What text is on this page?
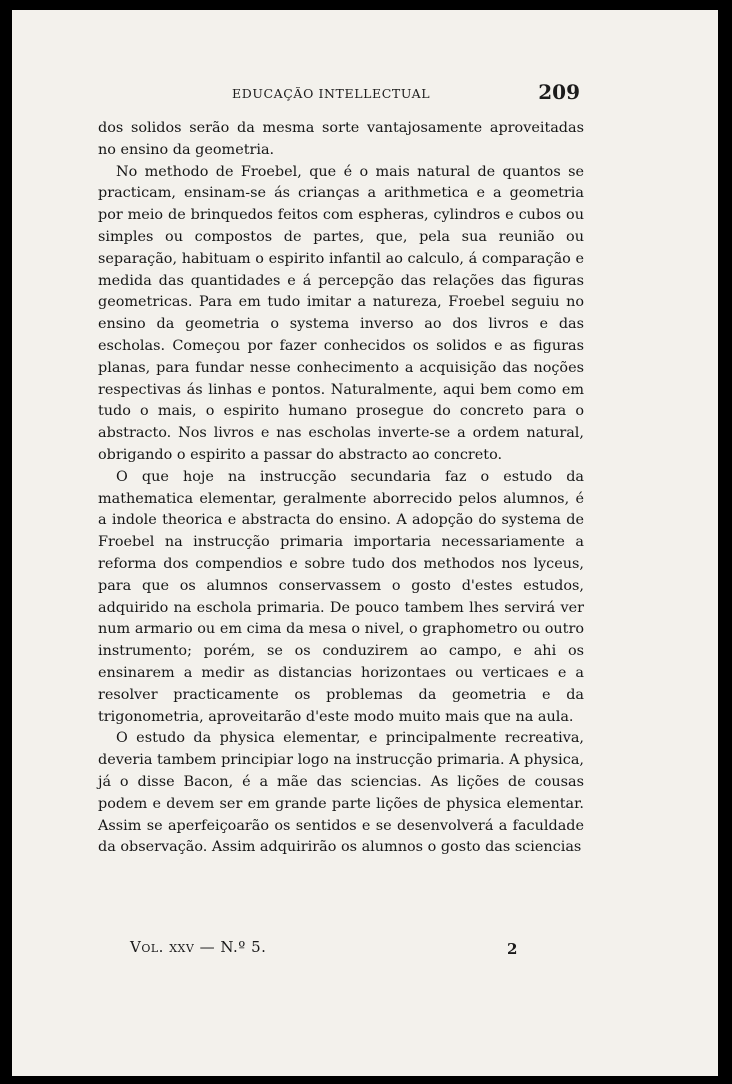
EDUCAÇÃO INTELLECTUAL	209

dos solidos serão da mesma sorte vantajosamente aproveitadas no ensino da geometria.

No methodo de Froebel, que é o mais natural de quantos se practicam, ensinam-se ás crianças a arithmetica e a geometria por meio de brinquedos feitos com espheras, cylindros e cubos ou simples ou compostos de partes, que, pela sua reunião ou separação, habituam o espirito infantil ao calculo, á comparação e medida das quantidades e á percepção das relações das figuras geometricas. Para em tudo imitar a natureza, Froebel seguiu no ensino da geometria o systema inverso ao dos livros e das escholas. Começou por fazer conhecidos os solidos e as figuras planas, para fundar nesse conhecimento a acquisição das noções respectivas ás linhas e pontos. Naturalmente, aqui bem como em tudo o mais, o espirito humano prosegue do concreto para o abstracto. Nos livros e nas escholas inverte-se a ordem natural, obrigando o espirito a passar do abstracto ao concreto.

O que hoje na instrucção secundaria faz o estudo da mathematica elementar, geralmente aborrecido pelos alumnos, é a indole theorica e abstracta do ensino. A adopção do systema de Froebel na instrucção primaria importaria necessariamente a reforma dos compendios e sobre tudo dos methodos nos lyceus, para que os alumnos conservassem o gosto d'estes estudos, adquirido na eschola primaria. De pouco tambem lhes servirá ver num armario ou em cima da mesa o nivel, o graphometro ou outro instrumento; porém, se os conduzirem ao campo, e ahi os ensinarem a medir as distancias horizontaes ou verticaes e a resolver practicamente os problemas da geometria e da trigonometria, aproveitarão d'este modo muito mais que na aula.

O estudo da physica elementar, e principalmente recreativa, deveria tambem principiar logo na instrucção primaria. A physica, já o disse Bacon, é a mãe das sciencias. As lições de cousas podem e devem ser em grande parte lições de physica elementar. Assim se aperfeiçoarão os sentidos e se desenvolverá a faculdade da observação. Assim adquirirão os alumnos o gosto das sciencias

Vol. xxv — N.º 5.	2
